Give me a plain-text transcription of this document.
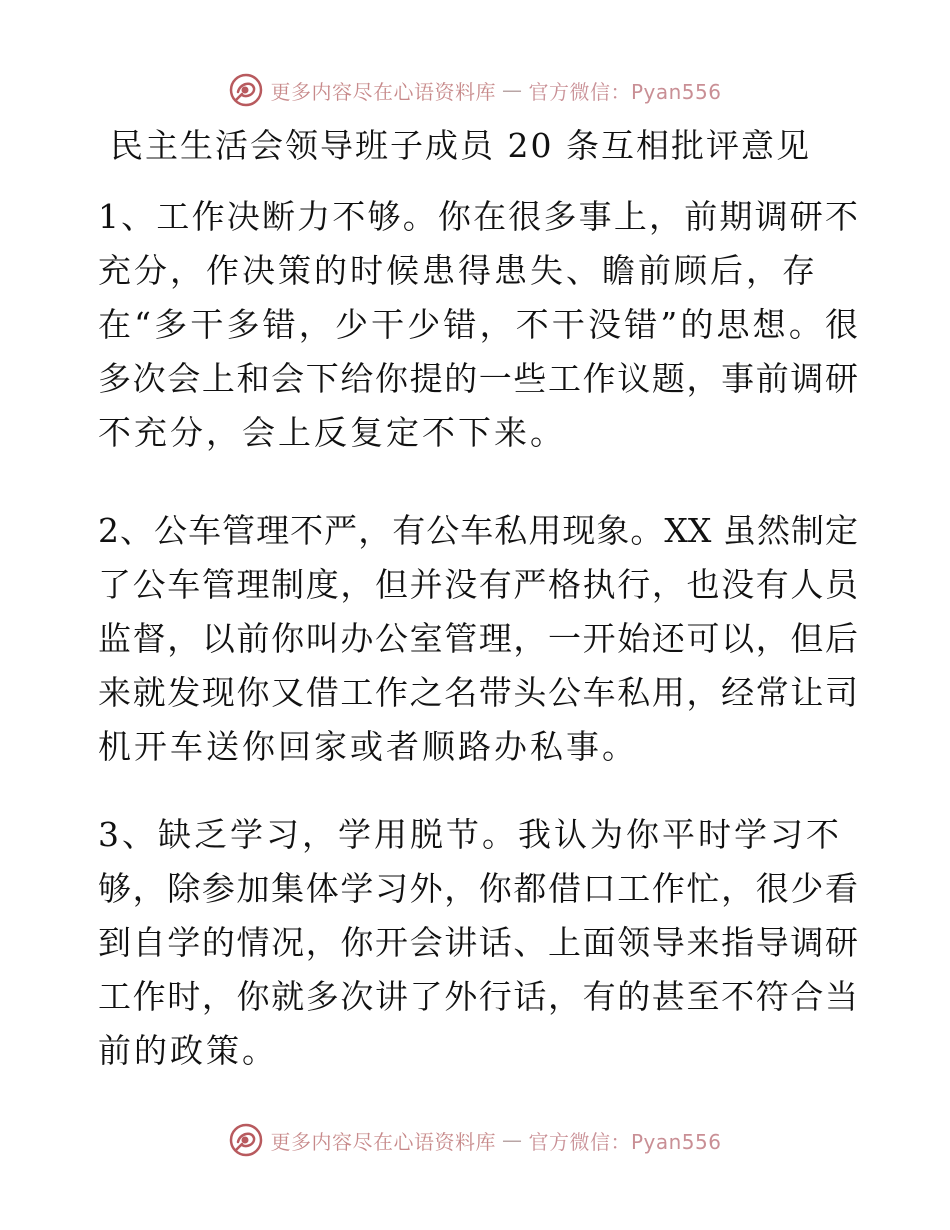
更多内容尽在心语资料库 — 官方微信：Pyan556
民主生活会领导班子成员 20 条互相批评意见
1、工作决断力不够。你在很多事上，前期调研不
充分，作决策的时候患得患失、瞻前顾后，存
在“多干多错，少干少错，不干没错”的思想。很
多次会上和会下给你提的一些工作议题，事前调研
不充分，会上反复定不下来。
2、公车管理不严，有公车私用现象。XX 虽然制定
了公车管理制度，但并没有严格执行，也没有人员
监督，以前你叫办公室管理，一开始还可以，但后
来就发现你又借工作之名带头公车私用，经常让司
机开车送你回家或者顺路办私事。
3、缺乏学习，学用脱节。我认为你平时学习不
够，除参加集体学习外，你都借口工作忙，很少看
到自学的情况，你开会讲话、上面领导来指导调研
工作时，你就多次讲了外行话，有的甚至不符合当
前的政策。
更多内容尽在心语资料库 — 官方微信：Pyan556
